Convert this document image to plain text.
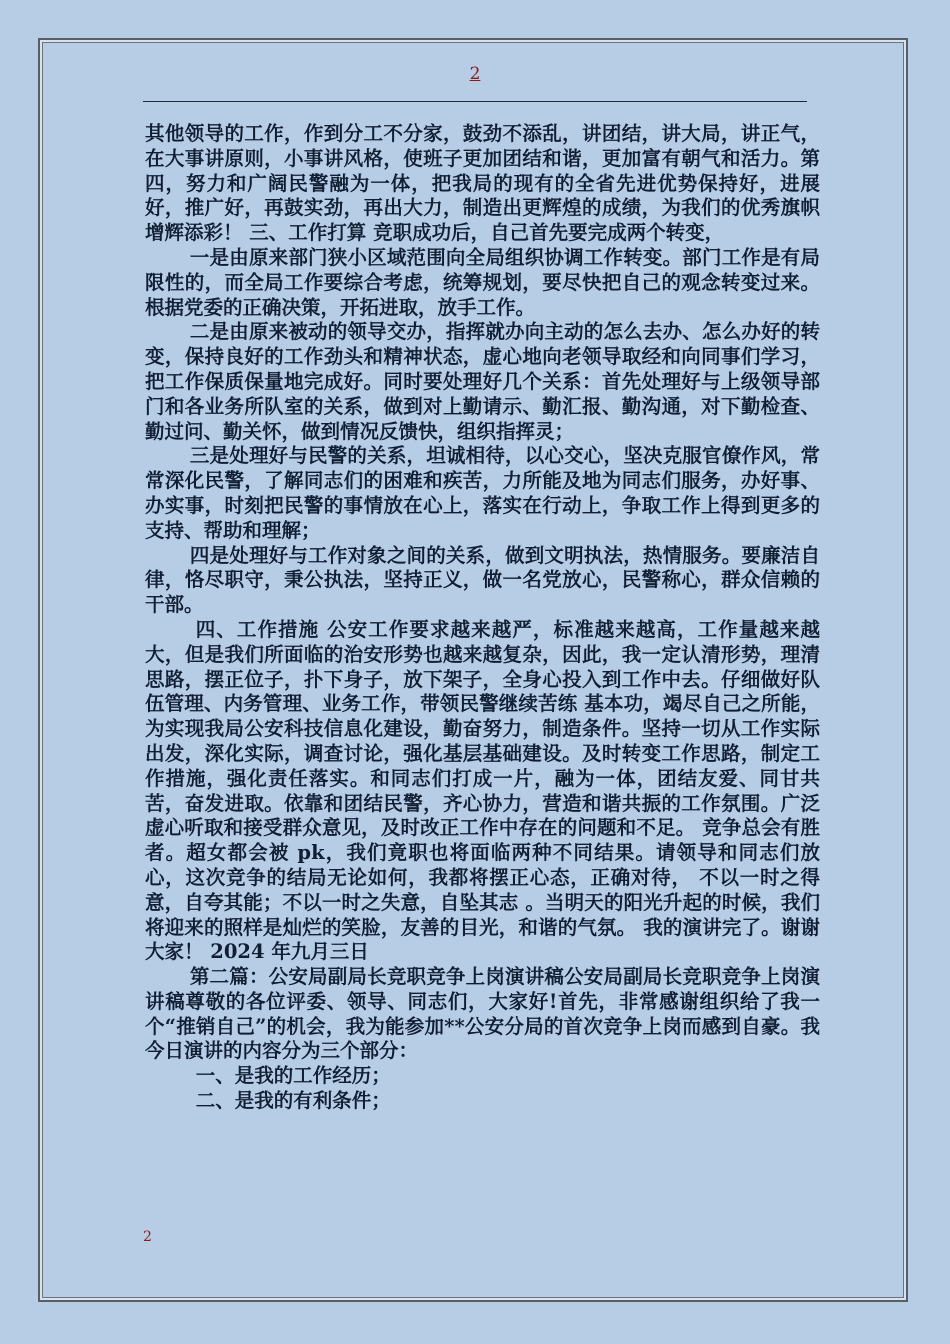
2

其他领导的工作，作到分工不分家，鼓劲不添乱，讲团结，讲大局，讲正气，在大事讲原则，小事讲风格，使班子更加团结和谐，更加富有朝气和活力。第四，努力和广阔民警融为一体，把我局的现有的全省先进优势保持好，进展好，推广好，再鼓实劲，再出大力，制造出更辉煌的成绩，为我们的优秀旗帜增辉添彩！ 三、工作打算 竞职成功后，自己首先要完成两个转变，

一是由原来部门狭小区域范围向全局组织协调工作转变。部门工作是有局限性的，而全局工作要综合考虑，统筹规划，要尽快把自己的观念转变过来。根据党委的正确决策，开拓进取，放手工作。

二是由原来被动的领导交办，指挥就办向主动的怎么去办、怎么办好的转变，保持良好的工作劲头和精神状态，虚心地向老领导取经和向同事们学习，把工作保质保量地完成好。同时要处理好几个关系：首先处理好与上级领导部门和各业务所队室的关系，做到对上勤请示、勤汇报、勤沟通，对下勤检查、勤过问、勤关怀，做到情况反馈快，组织指挥灵；

三是处理好与民警的关系，坦诚相待，以心交心，坚决克服官僚作风，常常深化民警，了解同志们的困难和疾苦，力所能及地为同志们服务，办好事、办实事，时刻把民警的事情放在心上，落实在行动上，争取工作上得到更多的支持、帮助和理解；

四是处理好与工作对象之间的关系，做到文明执法，热情服务。要廉洁自律，恪尽职守，秉公执法，坚持正义，做一名党放心，民警称心，群众信赖的干部。

四、工作措施 公安工作要求越来越严，标准越来越高，工作量越来越大，但是我们所面临的治安形势也越来越复杂，因此，我一定认清形势，理清思路，摆正位子，扑下身子，放下架子，全身心投入到工作中去。仔细做好队伍管理、内务管理、业务工作，带领民警继续苦练 基本功，竭尽自己之所能，为实现我局公安科技信息化建设，勤奋努力，制造条件。坚持一切从工作实际出发，深化实际，调查讨论，强化基层基础建设。及时转变工作思路，制定工作措施，强化责任落实。和同志们打成一片，融为一体，团结友爱、同甘共苦，奋发进取。依靠和团结民警，齐心协力，营造和谐共振的工作氛围。广泛虚心听取和接受群众意见，及时改正工作中存在的问题和不足。 竞争总会有胜者。超女都会被 pk，我们竟职也将面临两种不同结果。请领导和同志们放心，这次竞争的结局无论如何，我都将摆正心态，正确对待， 不以一时之得意，自夸其能；不以一时之失意，自坠其志 。当明天的阳光升起的时候，我们将迎来的照样是灿烂的笑脸，友善的目光，和谐的气氛。 我的演讲完了。谢谢大家！ 2024 年九月三日

第二篇：公安局副局长竞职竞争上岗演讲稿公安局副局长竞职竞争上岗演讲稿尊敬的各位评委、领导、同志们，大家好!首先，非常感谢组织给了我一个“推销自己”的机会，我为能参加**公安分局的首次竞争上岗而感到自豪。我今日演讲的内容分为三个部分：

一、是我的工作经历；

二、是我的有利条件；

2
